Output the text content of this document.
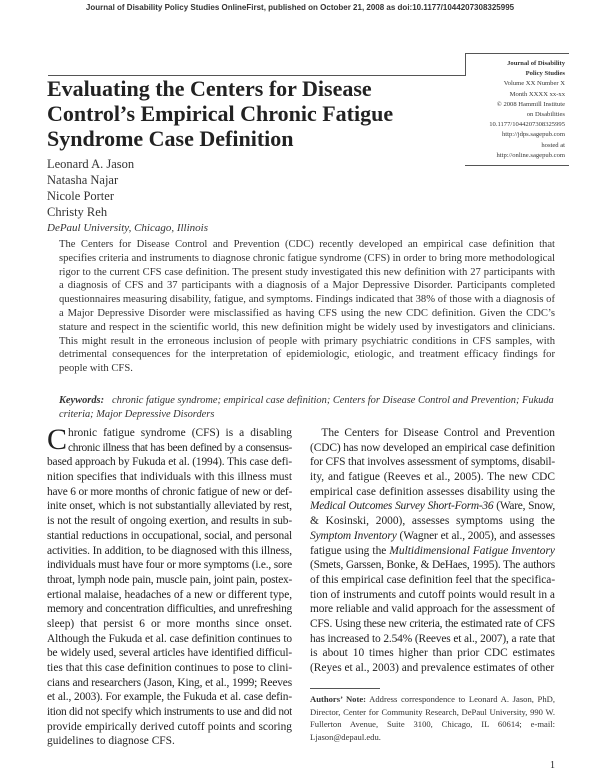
Journal of Disability Policy Studies OnlineFirst, published on October 21, 2008 as doi:10.1177/1044207308325995
Journal of Disability
Policy Studies
Volume XX Number X
Month XXXX xx-xx
© 2008 Hammill Institute
on Disabilities
10.1177/1044207308325995
http://jdps.sagepub.com
hosted at
http://online.sagepub.com
Evaluating the Centers for Disease Control’s Empirical Chronic Fatigue Syndrome Case Definition
Leonard A. Jason
Natasha Najar
Nicole Porter
Christy Reh
DePaul University, Chicago, Illinois
The Centers for Disease Control and Prevention (CDC) recently developed an empirical case definition that specifies criteria and instruments to diagnose chronic fatigue syndrome (CFS) in order to bring more methodological rigor to the current CFS case definition. The present study investigated this new definition with 27 participants with a diagnosis of CFS and 37 participants with a diagnosis of a Major Depressive Disorder. Participants completed questionnaires measuring disability, fatigue, and symptoms. Findings indicated that 38% of those with a diagnosis of a Major Depressive Disorder were misclassified as having CFS using the new CDC definition. Given the CDC’s stature and respect in the scientific world, this new definition might be widely used by investigators and clinicians. This might result in the erroneous inclusion of people with primary psychiatric conditions in CFS samples, with detrimental consequences for the interpretation of epidemiologic, etiologic, and treatment efficacy findings for people with CFS.
Keywords: chronic fatigue syndrome; empirical case definition; Centers for Disease Control and Prevention; Fukuda criteria; Major Depressive Disorders
C hronic fatigue syndrome (CFS) is a disabling
chronic illness that has been defined by a consensus-
based approach by Fukuda et al. (1994). This case defi-
nition specifies that individuals with this illness must
have 6 or more months of chronic fatigue of new or def-
inite onset, which is not substantially alleviated by rest,
is not the result of ongoing exertion, and results in sub-
stantial reductions in occupational, social, and personal
activities. In addition, to be diagnosed with this illness,
individuals must have four or more symptoms (i.e., sore
throat, lymph node pain, muscle pain, joint pain, postex-
ertional malaise, headaches of a new or different type,
memory and concentration difficulties, and unrefreshing
sleep) that persist 6 or more months since onset.
Although the Fukuda et al. case definition continues to
be widely used, several articles have identified difficul-
ties that this case definition continues to pose to clini-
cians and researchers (Jason, King, et al., 1999; Reeves
et al., 2003). For example, the Fukuda et al. case defin-
ition did not specify which instruments to use and did not
provide empirically derived cutoff points and scoring
guidelines to diagnose CFS.
 The Centers for Disease Control and Prevention
(CDC) has now developed an empirical case definition
for CFS that involves assessment of symptoms, disabil-
ity, and fatigue (Reeves et al., 2005). The new CDC
empirical case definition assesses disability using the
Medical Outcomes Survey Short-Form-36 (Ware, Snow,
& Kosinski, 2000), assesses symptoms using the
Symptom Inventory (Wagner et al., 2005), and assesses
fatigue using the Multidimensional Fatigue Inventory
(Smets, Garssen, Bonke, & DeHaes, 1995). The authors
of this empirical case definition feel that the specifica-
tion of instruments and cutoff points would result in a
more reliable and valid approach for the assessment of
CFS. Using these new criteria, the estimated rate of CFS
has increased to 2.54% (Reeves et al., 2007), a rate that
is about 10 times higher than prior CDC estimates
(Reyes et al., 2003) and prevalence estimates of other
Authors’ Note: Address correspondence to Leonard A. Jason, PhD, Director, Center for Community Research, DePaul University, 990 W. Fullerton Avenue, Suite 3100, Chicago, IL 60614; e-mail: Ljason@depaul.edu.
1
